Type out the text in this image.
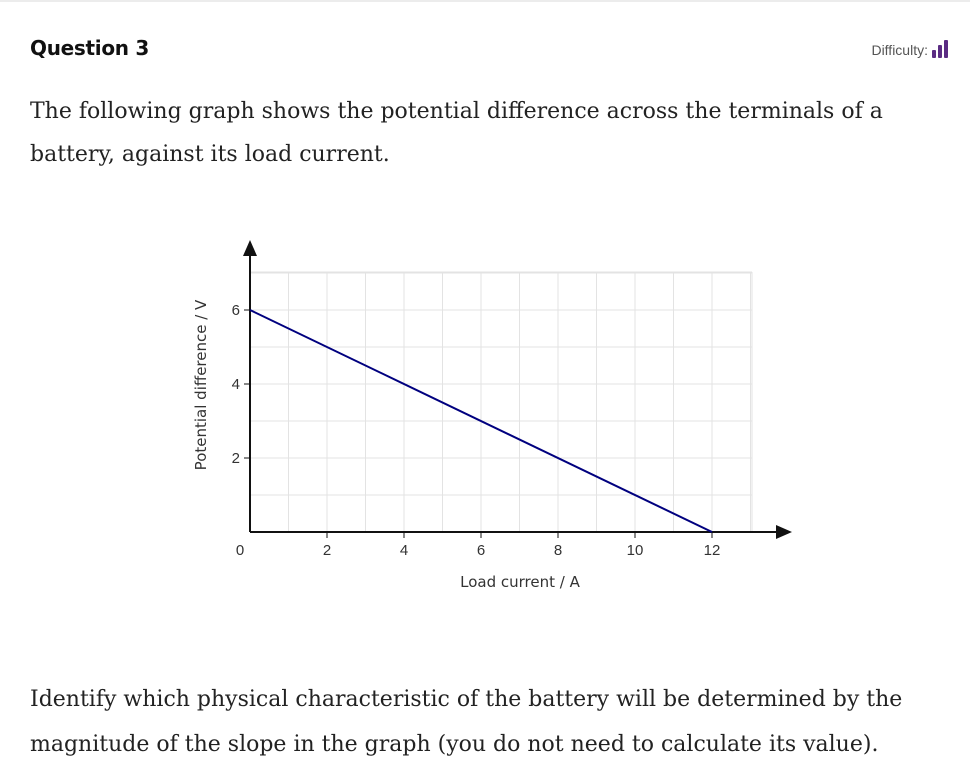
Question 3	Difficulty:
The following graph shows the potential difference across the terminals of a battery, against its load current.
2	4	6	8	10	12
2
4
6
0
Load current / A
Potential difference / V
Identify which physical characteristic of the battery will be determined by the magnitude of the slope in the graph (you do not need to calculate its value).
